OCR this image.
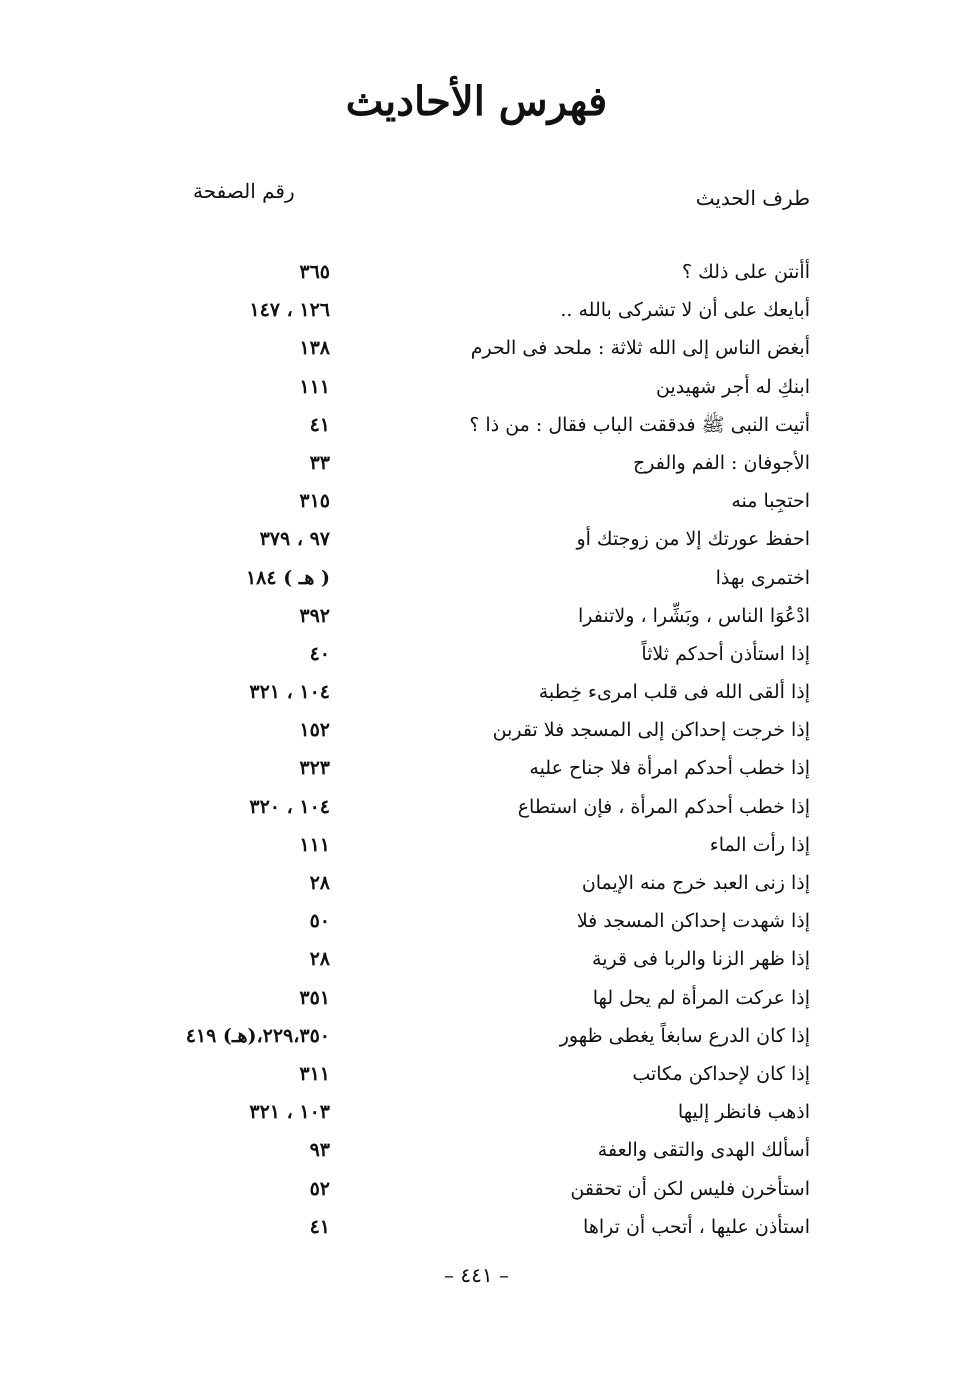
فهرس الأحاديث
طرف الحديث
رقم الصفحة
أأنتن على ذلك ؟
٣٦٥
أبايعك على أن لا تشركى بالله ..
١٢٦ ، ١٤٧
أبغض الناس إلى الله ثلاثة : ملحد فى الحرم
١٣٨
ابنكِ له أجر شهيدين
١١١
أتيت النبى ﷺ فدققت الباب فقال : من ذا ؟
٤١
الأجوفان : الفم والفرج
٣٣
احتجِبا منه
٣١٥
احفظ عورتك إلا من زوجتك أو
٩٧ ، ٣٧٩
اختمرى بهذا
( هـ ) ١٨٤
ادْعُوَا الناس ، وبَشِّرا ، ولاتنفرا
٣٩٢
إذا استأذن أحدكم ثلاثاً
٤٠
إذا ألقى الله فى قلب امرىء خِطبة
١٠٤ ، ٣٢١
إذا خرجت إحداكن إلى المسجد فلا تقربن
١٥٢
إذا خطب أحدكم امرأة فلا جناح عليه
٣٢٣
إذا خطب أحدكم المرأة ، فإن استطاع
١٠٤ ، ٣٢٠
إذا رأت الماء
١١١
إذا زنى العبد خرج منه الإيمان
٢٨
إذا شهدت إحداكن المسجد فلا
٥٠
إذا ظهر الزنا والربا فى قرية
٢٨
إذا عركت المرأة لم يحل لها
٣٥١
إذا كان الدرع سابغاً يغطى ظهور
٢٢٩،٣٥٠،(هـ) ٤١٩
إذا كان لإحداكن مكاتب
٣١١
اذهب فانظر إليها
١٠٣ ، ٣٢١
أسألك الهدى والتقى والعفة
٩٣
استأخرن فليس لكن أن تحققن
٥٢
استأذن عليها ، أتحب أن تراها
٤١
– ٤٤١ –
